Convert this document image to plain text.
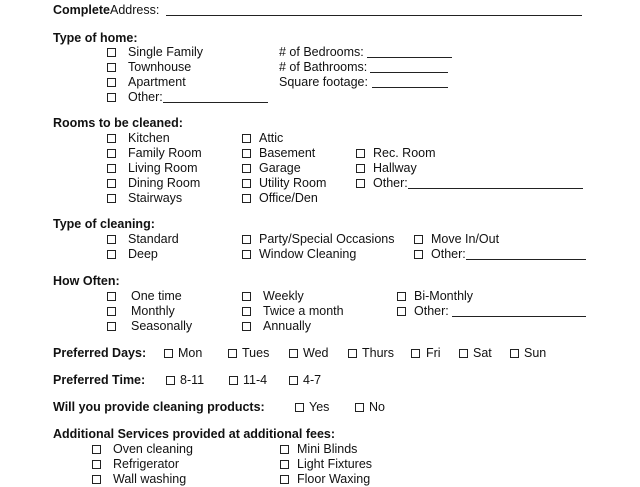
Complete Address:
Type of home:
Single Family
Townhouse
Apartment
Other:
# of Bedrooms:
# of Bathrooms:
Square footage:
Rooms to be cleaned:
Kitchen
Family Room
Living Room
Dining Room
Stairways
Attic
Basement
Garage
Utility Room
Office/Den
Rec. Room
Hallway
Other:
Type of cleaning:
Standard
Deep
Party/Special Occasions
Window Cleaning
Move In/Out
Other:
How Often:
One time
Monthly
Seasonally
Weekly
Twice a month
Annually
Bi-Monthly
Other:
Preferred Days:	Mon	Tues	Wed	Thurs	Fri	Sat	Sun
Preferred Time:	8-11	11-4	4-7
Will you provide cleaning products:	Yes	No
Additional Services provided at additional fees:
Oven cleaning
Refrigerator
Wall washing
Mini Blinds
Light Fixtures
Floor Waxing
